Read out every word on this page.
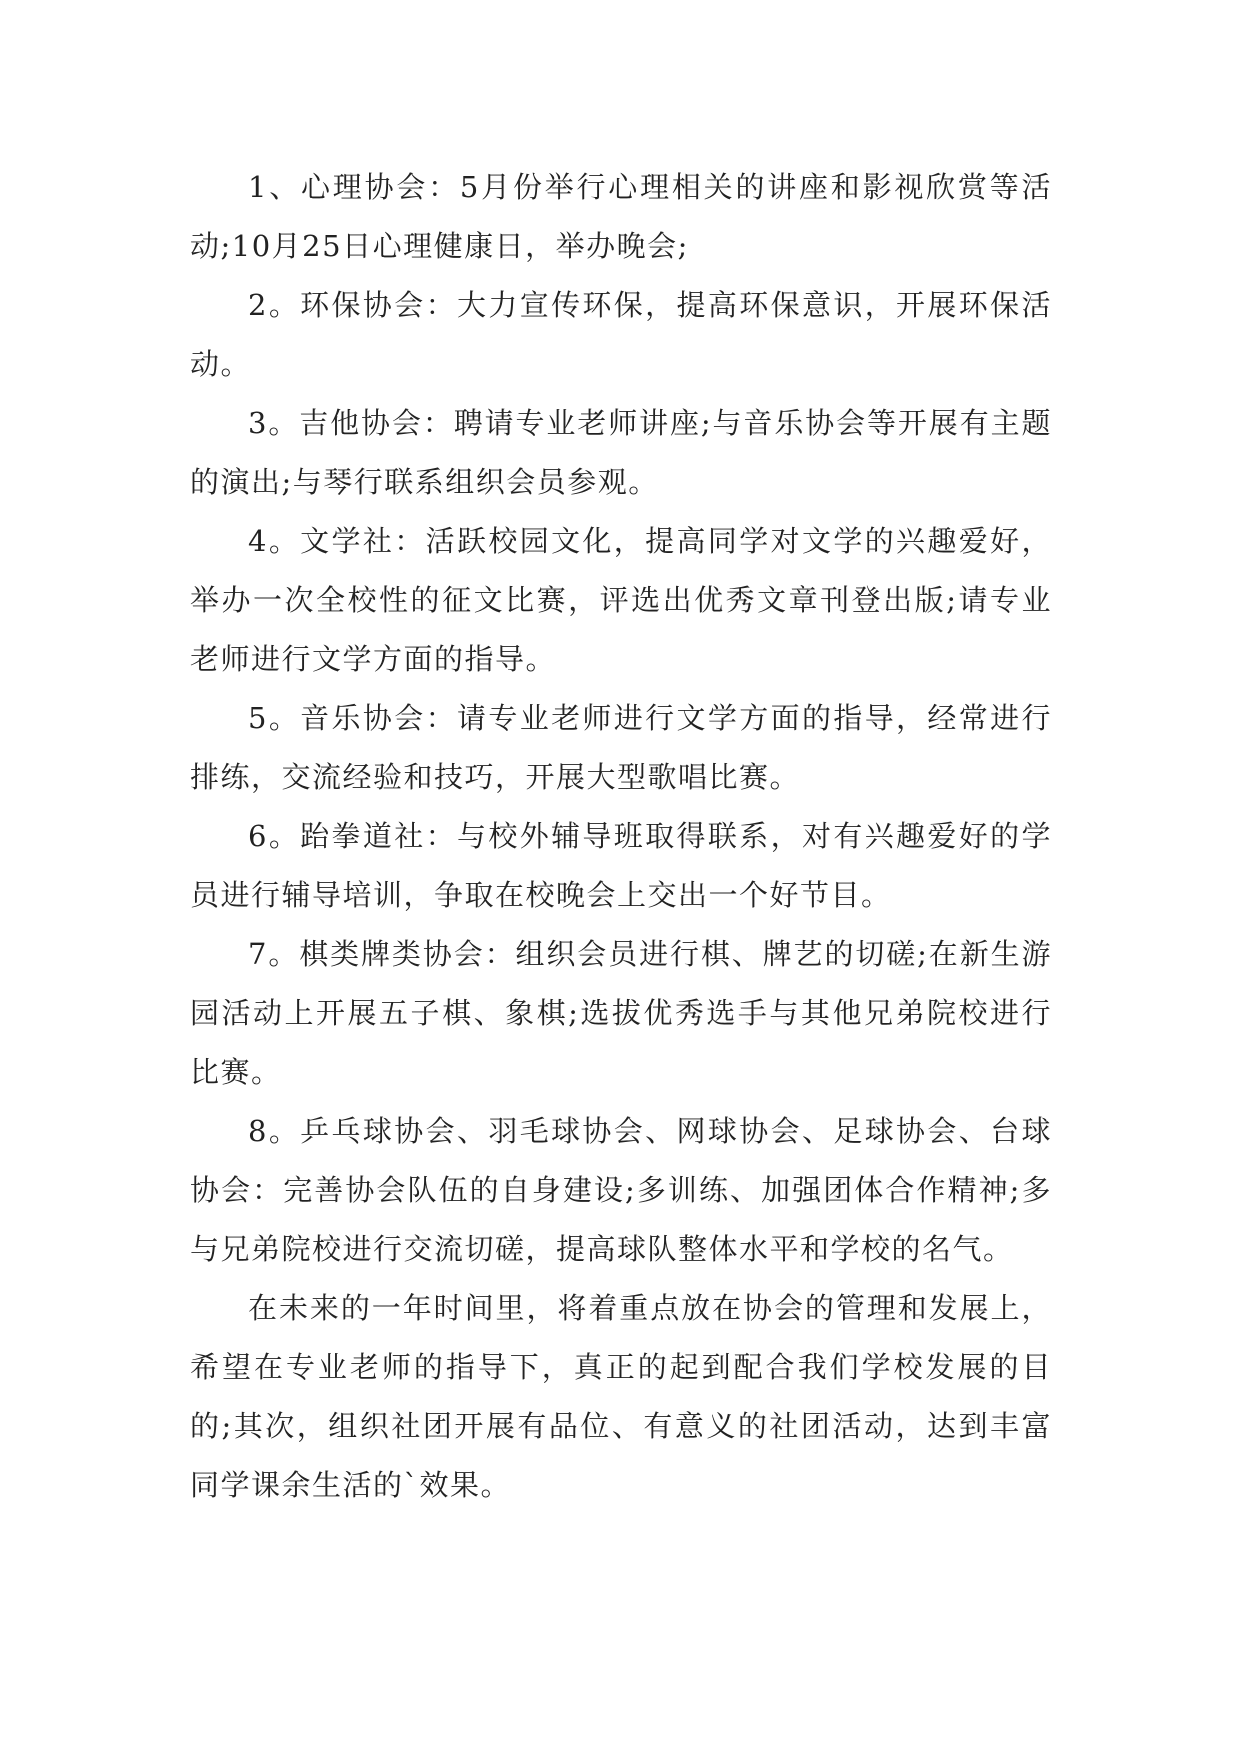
1、心理协会：5月份举行心理相关的讲座和影视欣赏等活动;10月25日心理健康日，举办晚会;

2。环保协会：大力宣传环保，提高环保意识，开展环保活动。

3。吉他协会：聘请专业老师讲座;与音乐协会等开展有主题的演出;与琴行联系组织会员参观。

4。文学社：活跃校园文化，提高同学对文学的兴趣爱好，举办一次全校性的征文比赛，评选出优秀文章刊登出版;请专业老师进行文学方面的指导。

5。音乐协会：请专业老师进行文学方面的指导，经常进行排练，交流经验和技巧，开展大型歌唱比赛。

6。跆拳道社：与校外辅导班取得联系，对有兴趣爱好的学员进行辅导培训，争取在校晚会上交出一个好节目。

7。棋类牌类协会：组织会员进行棋、牌艺的切磋;在新生游园活动上开展五子棋、象棋;选拔优秀选手与其他兄弟院校进行比赛。

8。乒乓球协会、羽毛球协会、网球协会、足球协会、台球协会：完善协会队伍的自身建设;多训练、加强团体合作精神;多与兄弟院校进行交流切磋，提高球队整体水平和学校的名气。

在未来的一年时间里，将着重点放在协会的管理和发展上，希望在专业老师的指导下，真正的起到配合我们学校发展的目的;其次，组织社团开展有品位、有意义的社团活动，达到丰富同学课余生活的`效果。
